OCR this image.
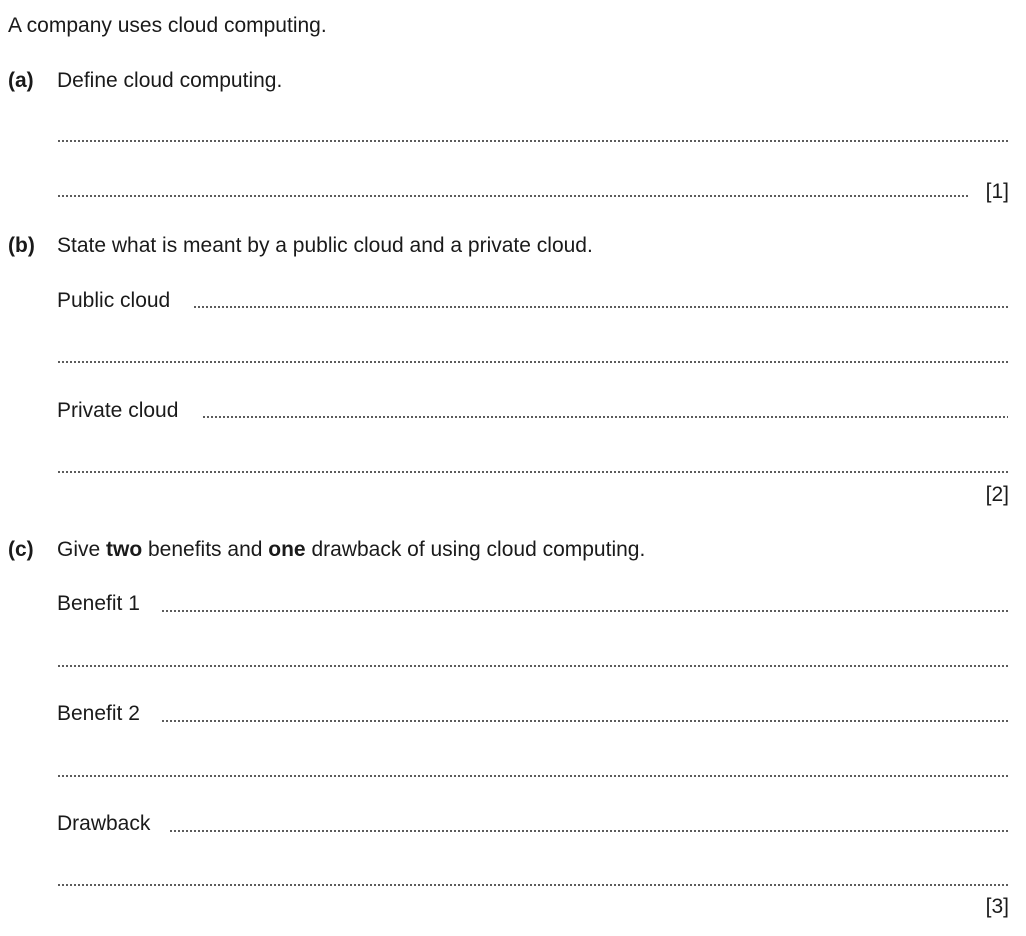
A company uses cloud computing.
(a) Define cloud computing.
[1]
(b) State what is meant by a public cloud and a private cloud.
Public cloud
Private cloud
[2]
(c) Give two benefits and one drawback of using cloud computing.
Benefit 1
Benefit 2
Drawback
[3]
